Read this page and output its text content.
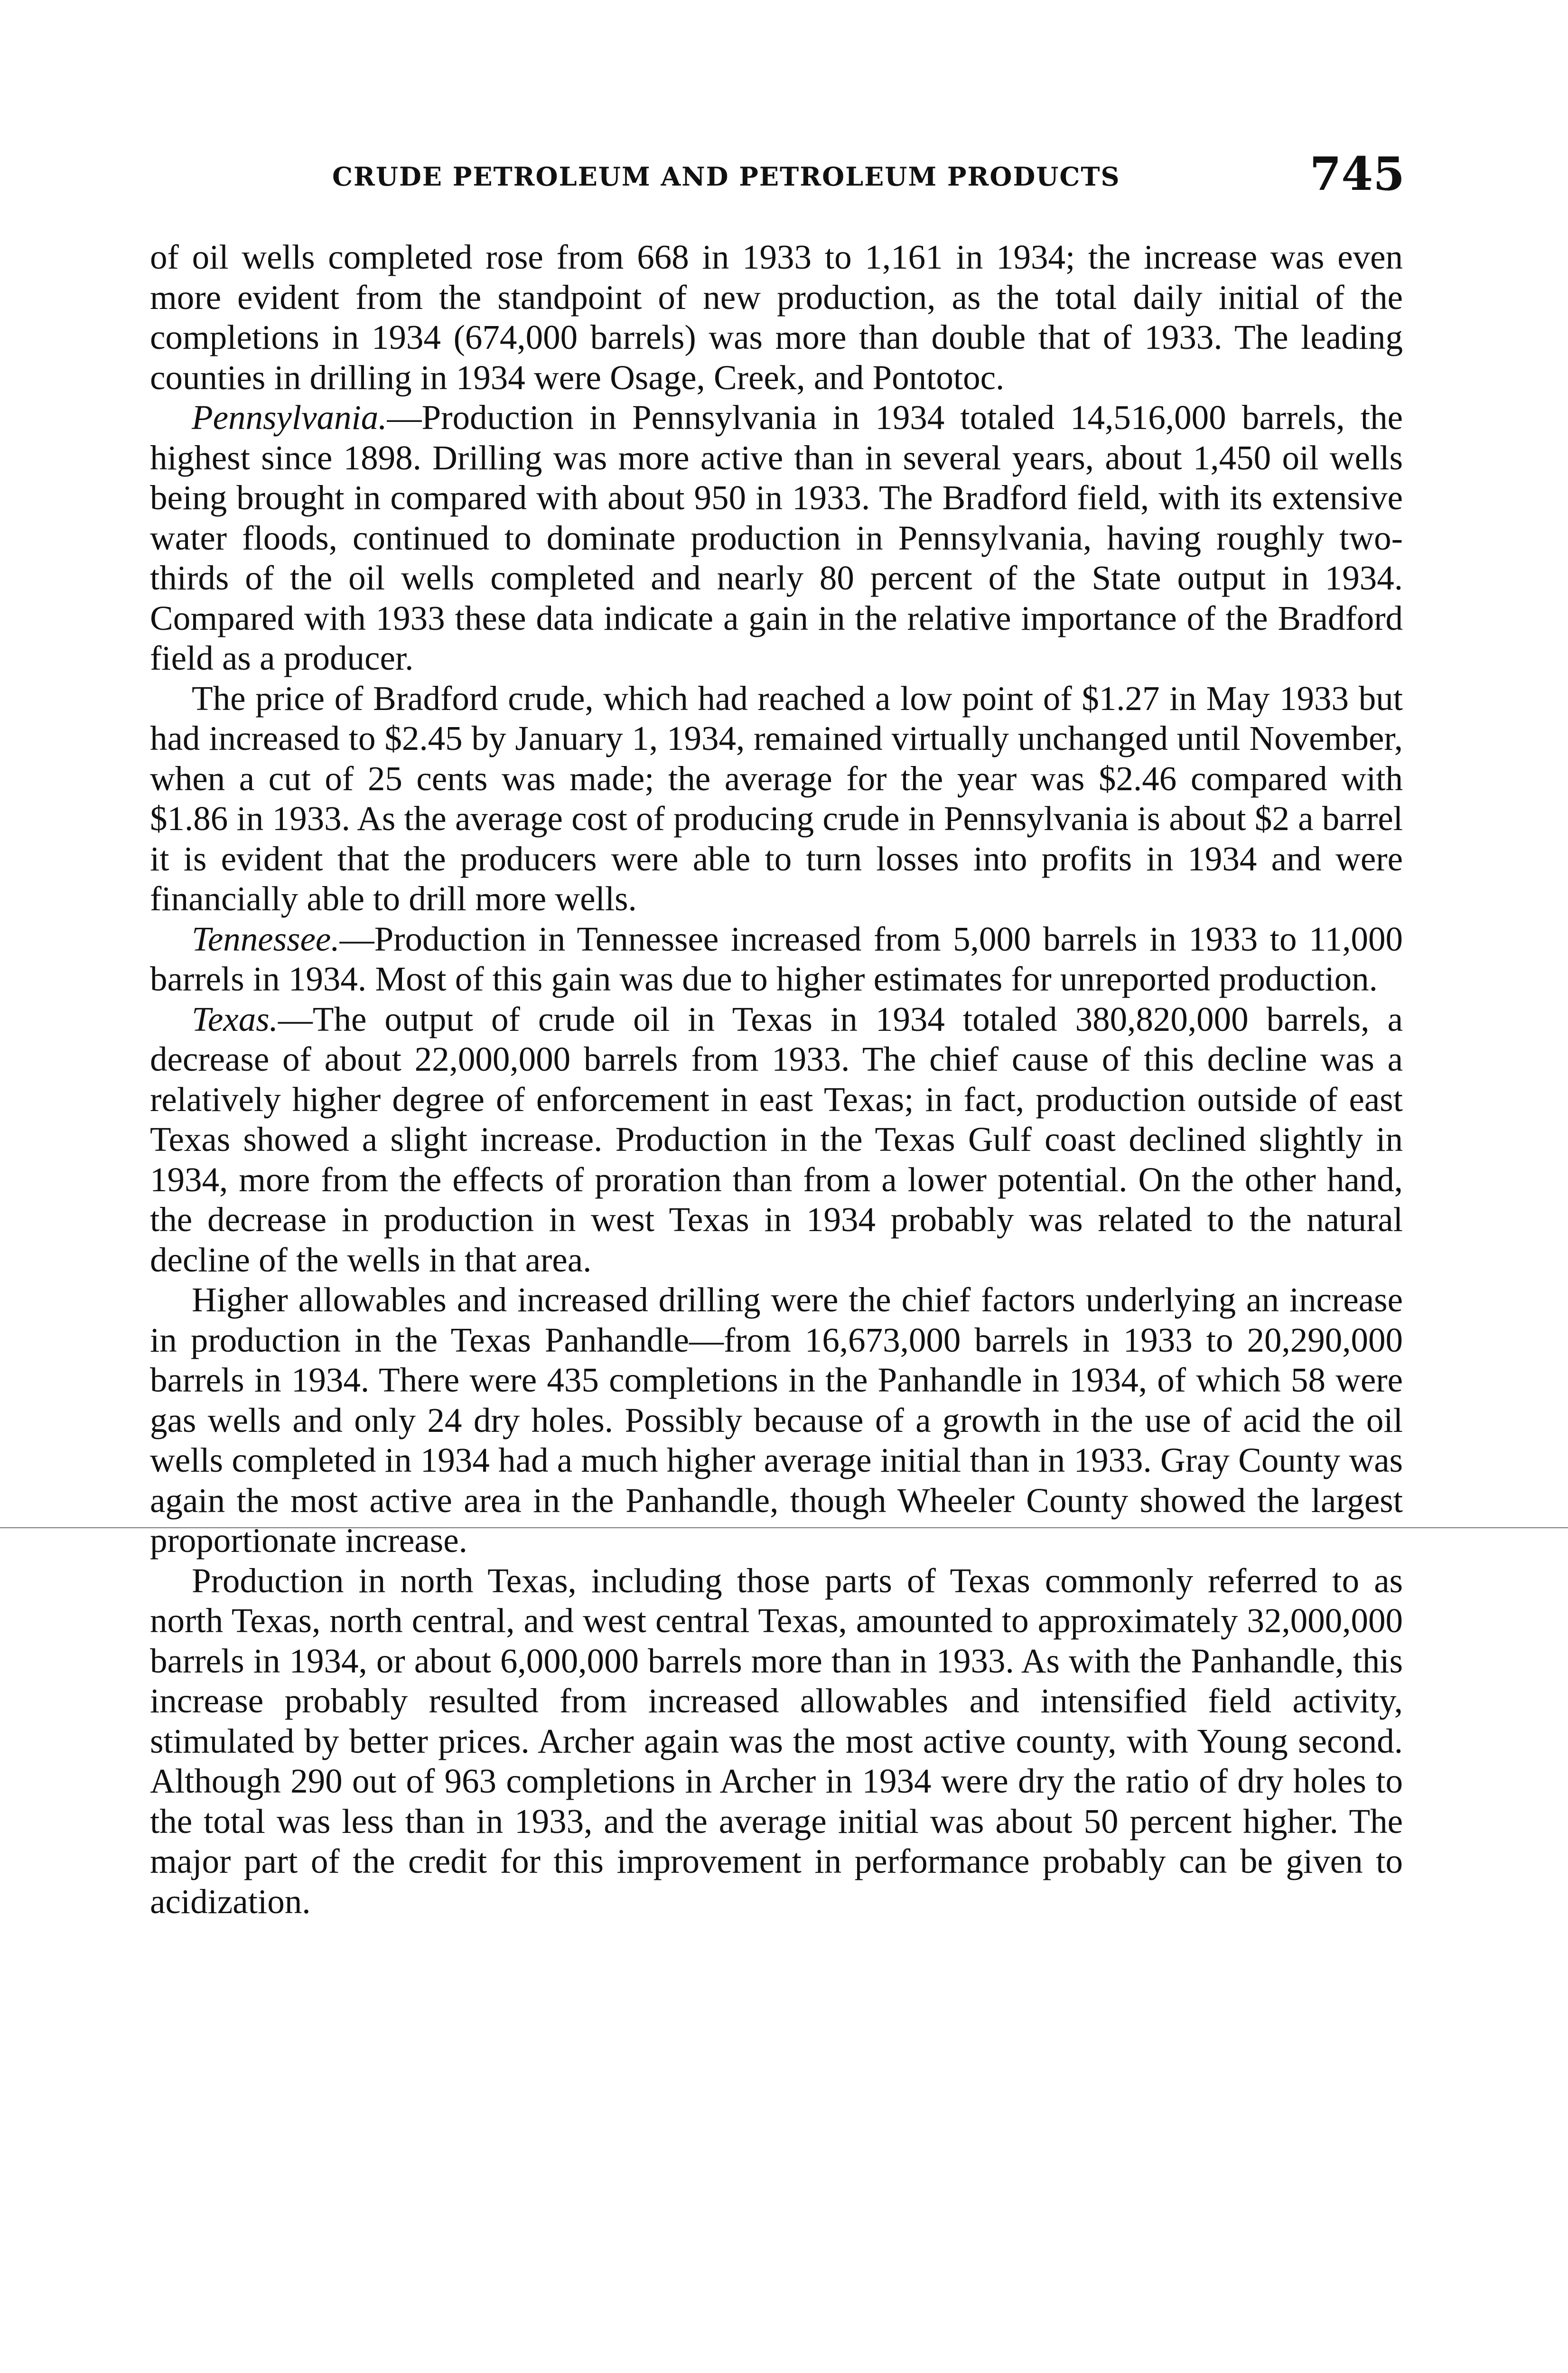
CRUDE PETROLEUM AND PETROLEUM PRODUCTS	745

of oil wells completed rose from 668 in 1933 to 1,161 in 1934; the increase was even more evident from the standpoint of new production, as the total daily initial of the completions in 1934 (674,000 barrels) was more than double that of 1933. The leading counties in drilling in 1934 were Osage, Creek, and Pontotoc.

Pennsylvania.—Production in Pennsylvania in 1934 totaled 14,516,000 barrels, the highest since 1898. Drilling was more active than in several years, about 1,450 oil wells being brought in compared with about 950 in 1933. The Bradford field, with its extensive water floods, continued to dominate production in Pennsylvania, having roughly two-thirds of the oil wells completed and nearly 80 percent of the State output in 1934. Compared with 1933 these data indicate a gain in the relative importance of the Bradford field as a producer.

The price of Bradford crude, which had reached a low point of $1.27 in May 1933 but had increased to $2.45 by January 1, 1934, remained virtually unchanged until November, when a cut of 25 cents was made; the average for the year was $2.46 compared with $1.86 in 1933. As the average cost of producing crude in Pennsylvania is about $2 a barrel it is evident that the producers were able to turn losses into profits in 1934 and were financially able to drill more wells.

Tennessee.—Production in Tennessee increased from 5,000 barrels in 1933 to 11,000 barrels in 1934. Most of this gain was due to higher estimates for unreported production.

Texas.—The output of crude oil in Texas in 1934 totaled 380,820,000 barrels, a decrease of about 22,000,000 barrels from 1933. The chief cause of this decline was a relatively higher degree of enforcement in east Texas; in fact, production outside of east Texas showed a slight increase. Production in the Texas Gulf coast declined slightly in 1934, more from the effects of proration than from a lower potential. On the other hand, the decrease in production in west Texas in 1934 probably was related to the natural decline of the wells in that area.

Higher allowables and increased drilling were the chief factors underlying an increase in production in the Texas Panhandle—from 16,673,000 barrels in 1933 to 20,290,000 barrels in 1934. There were 435 completions in the Panhandle in 1934, of which 58 were gas wells and only 24 dry holes. Possibly because of a growth in the use of acid the oil wells completed in 1934 had a much higher average initial than in 1933. Gray County was again the most active area in the Panhandle, though Wheeler County showed the largest proportionate increase.

Production in north Texas, including those parts of Texas commonly referred to as north Texas, north central, and west central Texas, amounted to approximately 32,000,000 barrels in 1934, or about 6,000,000 barrels more than in 1933. As with the Panhandle, this increase probably resulted from increased allowables and intensified field activity, stimulated by better prices. Archer again was the most active county, with Young second. Although 290 out of 963 completions in Archer in 1934 were dry the ratio of dry holes to the total was less than in 1933, and the average initial was about 50 percent higher. The major part of the credit for this improvement in performance probably can be given to acidization.
